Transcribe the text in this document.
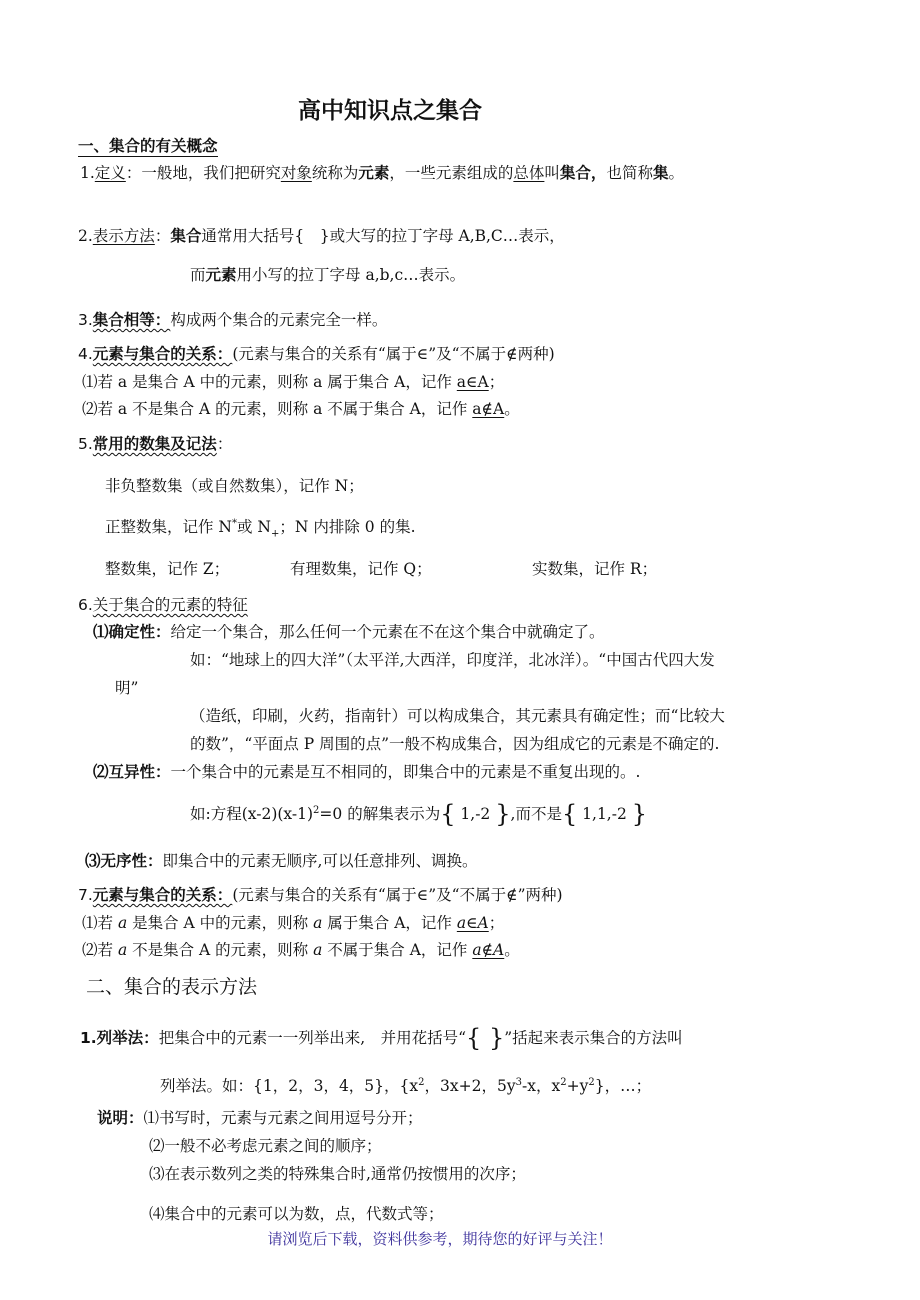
高中知识点之集合
一、集合的有关概念
1.定义：一般地，我们把研究对象统称为元素，一些元素组成的总体叫集合，也简称集。
2.表示方法：集合通常用大括号{　}或大写的拉丁字母 A,B,C…表示，
而元素用小写的拉丁字母 a,b,c…表示。
3.集合相等：构成两个集合的元素完全一样。
4.元素与集合的关系：(元素与集合的关系有“属于∈”及“不属于∉两种)
⑴若 a 是集合 A 中的元素，则称 a 属于集合 A，记作 a∈A；
⑵若 a 不是集合 A 的元素，则称 a 不属于集合 A，记作 a∉A。
5.常用的数集及记法：
非负整数集（或自然数集），记作 N；
正整数集，记作 N*或 $N_+$；N 内排除 0 的集.
整数集，记作 Z；	有理数集，记作 Q；	实数集，记作 R；
6.关于集合的元素的特征
⑴确定性：给定一个集合，那么任何一个元素在不在这个集合中就确定了。
如：“地球上的四大洋”（太平洋,大西洋，印度洋，北冰洋）。“中国古代四大发
明”
（造纸，印刷，火药，指南针）可以构成集合，其元素具有确定性；而“比较大
的数”，“平面点 P 周围的点”一般不构成集合，因为组成它的元素是不确定的.
⑵互异性：一个集合中的元素是互不相同的，即集合中的元素是不重复出现的。.
如:方程$(x-2)(x-1)^2=0$ 的解集表示为{ 1,-2 },而不是{ 1,1,-2 }
⑶无序性：即集合中的元素无顺序,可以任意排列、调换。
7.元素与集合的关系：(元素与集合的关系有“属于∈”及“不属于∉”两种)
⑴若 a 是集合 A 中的元素，则称 a 属于集合 A，记作 a∈A；
⑵若 a 不是集合 A 的元素，则称 a 不属于集合 A，记作 a∉A。
二、集合的表示方法
1.列举法：把集合中的元素一一列举出来,　并用花括号“{ }”括起来表示集合的方法叫
列举法。如：{1，2，3，4，5}，{$x^2$，3x+2，$5y^3-x$，$x^2+y^2$}，…；
说明：⑴书写时，元素与元素之间用逗号分开；
⑵一般不必考虑元素之间的顺序；
⑶在表示数列之类的特殊集合时,通常仍按惯用的次序；
⑷集合中的元素可以为数，点，代数式等；
请浏览后下载，资料供参考，期待您的好评与关注！
